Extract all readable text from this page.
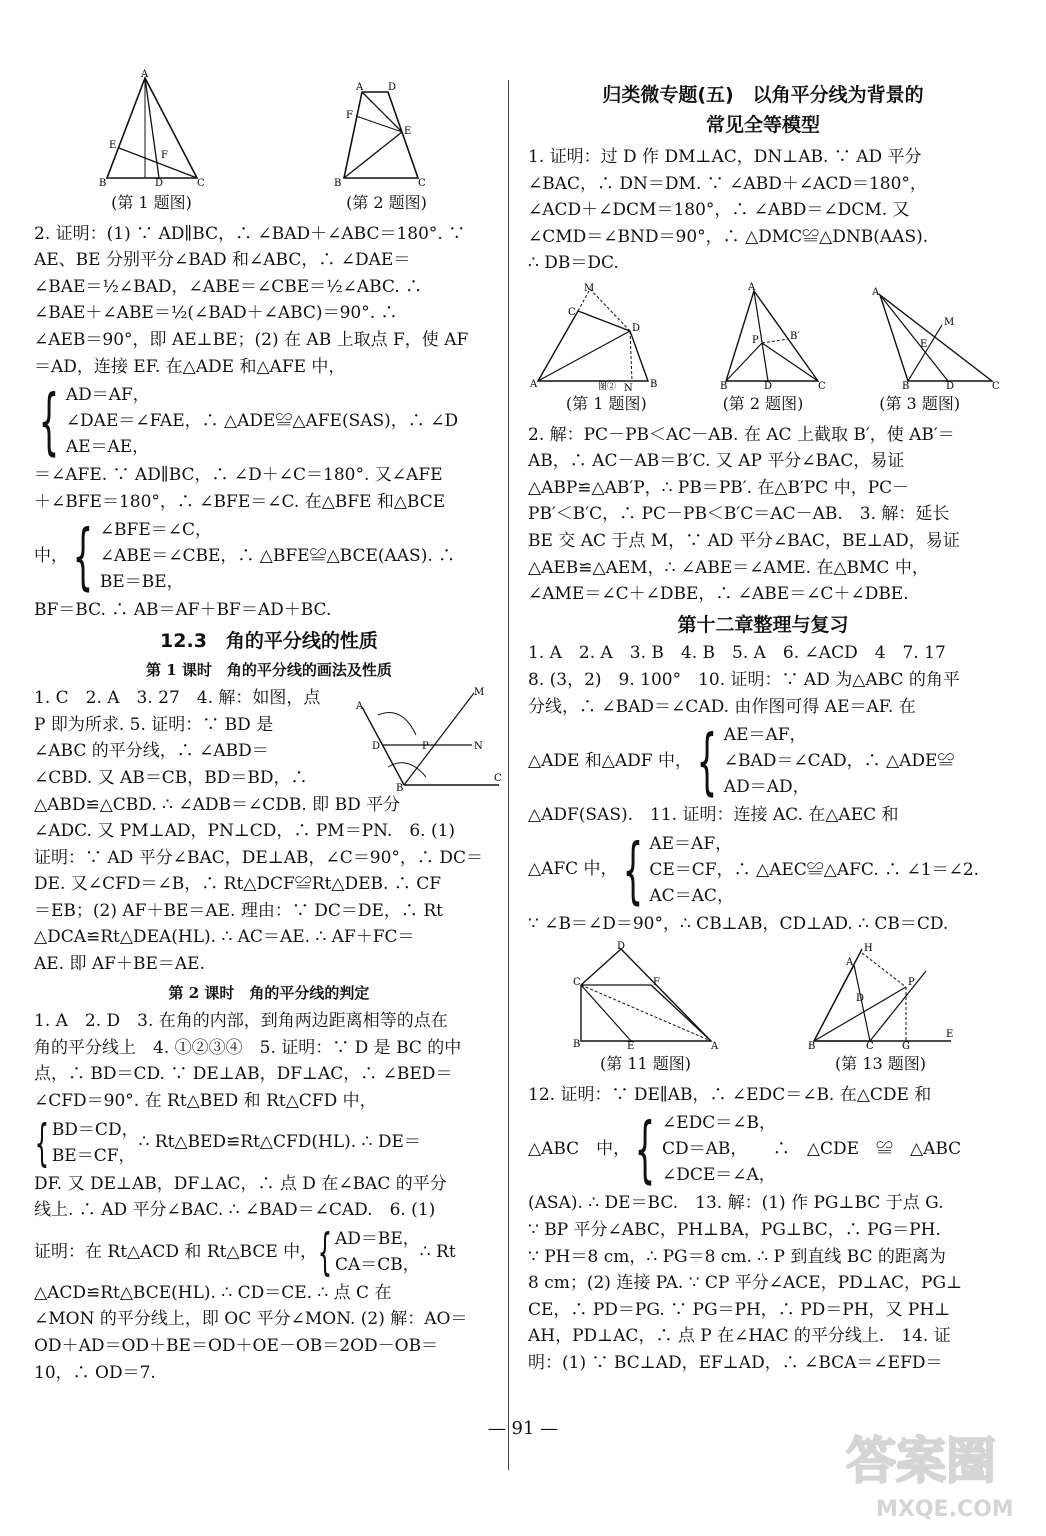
A
B	C
D
E
F
A D
B	C
E
F
(第 1 题图)	(第 2 题图)

2. 证明：(1) ∵ AD∥BC，∴ ∠BAD＋∠ABC＝180°. ∵

AE、BE 分别平分∠BAD 和∠ABC，∴ ∠DAE＝

∠BAE＝½∠BAD，∠ABE＝∠CBE＝½∠ABC. ∴

∠BAE＋∠ABE＝½(∠BAD＋∠ABC)＝90°. ∴

∠AEB＝90°，即 AE⊥BE；(2) 在 AB 上取点 F，使 AF

＝AD，连接 EF. 在△ADE 和△AFE 中，

{ AD＝AF，
∠DAE＝∠FAE，∴ △ADE≌△AFE(SAS)，∴ ∠D
AE＝AE，

＝∠AFE. ∵ AD∥BC，∴ ∠D＋∠C＝180°. 又∠AFE

＋∠BFE＝180°，∴ ∠BFE＝∠C. 在△BFE 和△BCE

中， { ∠BFE＝∠C，
∠ABE＝∠CBE，∴ △BFE≌△BCE(AAS). ∴
BE＝BE，

BF＝BC. ∴ AB＝AF＋BF＝AD＋BC.

12.3　角的平分线的性质
第 1 课时　角的平分线的画法及性质

1. C　2. A　3. 27　4. 解：如图，点

P 即为所求. 5. 证明：∵ BD 是

∠ABC 的平分线，∴ ∠ABD＝

∠CBD. 又 AB＝CB，BD＝BD，∴

A
M
D	P	N
B
C

△ABD≌△CBD. ∴ ∠ADB＝∠CDB. 即 BD 平分

∠ADC. 又 PM⊥AD，PN⊥CD，∴ PM＝PN.　6. (1)

证明：∵ AD 平分∠BAC，DE⊥AB，∠C＝90°，∴ DC＝

DE. 又∠CFD＝∠B，∴ Rt△DCF≌Rt△DEB. ∴ CF

＝EB；(2) AF＋BE＝AE. 理由：∵ DC＝DE，∴ Rt

△DCA≌Rt△DEA(HL). ∴ AC＝AE. ∴ AF＋FC＝

AE. 即 AF＋BE＝AE.

第 2 课时　角的平分线的判定

1. A　2. D　3. 在角的内部，到角两边距离相等的点在

角的平分线上　4. ①②③④　5. 证明：∵ D 是 BC 的中

点，∴ BD＝CD. ∵ DE⊥AB，DF⊥AC，∴ ∠BED＝

∠CFD＝90°. 在 Rt△BED 和 Rt△CFD 中，

{ BD＝CD，
BE＝CF，
∴ Rt△BED≌Rt△CFD(HL). ∴ DE＝

DF. 又 DE⊥AB，DF⊥AC，∴ 点 D 在∠BAC 的平分

线上. ∴ AD 平分∠BAC. ∴ ∠BAD＝∠CAD.　6. (1)

证明：在 Rt△ACD 和 Rt△BCE 中， { AD＝BE，
CA＝CB，
∴ Rt

△ACD≌Rt△BCE(HL). ∴ CD＝CE. ∴ 点 C 在

∠MON 的平分线上，即 OC 平分∠MON. (2) 解：AO＝

OD＋AD＝OD＋BE＝OD＋OE－OB＝2OD－OB＝

10，∴ OD＝7.

归类微专题(五)　以角平分线为背景的
常见全等模型

1. 证明：过 D 作 DM⊥AC，DN⊥AB. ∵ AD 平分

∠BAC，∴ DN＝DM. ∵ ∠ABD＋∠ACD＝180°，

∠ACD＋∠DCM＝180°，∴ ∠ABD＝∠DCM. 又

∠CMD＝∠BND＝90°，∴ △DMC≌△DNB(AAS).

∴ DB＝DC.

A
C
D
B
M
N
图②
A
B	C
D
P	B′
A
B	C
D
M
E
(第 1 题图)	(第 2 题图)	(第 3 题图)

2. 解：PC－PB＜AC－AB. 在 AC 上截取 B′，使 AB′＝

AB，∴ AC－AB＝B′C. 又 AP 平分∠BAC，易证

△ABP≌△AB′P，∴ PB＝PB′. 在△B′PC 中，PC－

PB′＜B′C，∴ PC－PB＜B′C＝AC－AB.　3. 解：延长

BE 交 AC 于点 M，∵ AD 平分∠BAC，BE⊥AD，易证

△AEB≌△AEM，∴ ∠ABE＝∠AME. 在△BMC 中，

∠AME＝∠C＋∠DBE，∴ ∠ABE＝∠C＋∠DBE.

第十二章整理与复习

1. A　2. A　3. B　4. B　5. A　6. ∠ACD　4　7. 17

8. (3，2)　9. 100°　10. 证明：∵ AD 为△ABC 的角平

分线，∴ ∠BAD＝∠CAD. 由作图可得 AE＝AF. 在

△ADE 和△ADF 中， { AE＝AF，
∠BAD＝∠CAD，∴ △ADE≌
AD＝AD，

△ADF(SAS).　11. 证明：连接 AC. 在△AEC 和

△AFC 中， { AE＝AF，
CE＝CF，∴ △AEC≌△AFC. ∴ ∠1＝∠2.
AC＝AC，

∵ ∠B＝∠D＝90°，∴ CB⊥AB，CD⊥AD. ∴ CB＝CD.

D
C	F
B	E	A
H
A
P
B	C	G
E
D
(第 11 题图)	(第 13 题图)

12. 证明：∵ DE∥AB，∴ ∠EDC＝∠B. 在△CDE 和

△ABC　中， { ∠EDC＝∠B，
CD＝AB，　　∴　△CDE　≌　△ABC
∠DCE＝∠A，

(ASA). ∴ DE＝BC.　13. 解：(1) 作 PG⊥BC 于点 G.

∵ BP 平分∠ABC，PH⊥BA，PG⊥BC，∴ PG＝PH.

∵ PH＝8 cm，∴ PG＝8 cm. ∴ P 到直线 BC 的距离为

8 cm；(2) 连接 PA. ∵ CP 平分∠ACE，PD⊥AC，PG⊥

CE，∴ PD＝PG. ∵ PG＝PH，∴ PD＝PH，又 PH⊥

AH，PD⊥AC，∴ 点 P 在∠HAC 的平分线上.　14. 证

明：(1) ∵ BC⊥AD，EF⊥AD，∴ ∠BCA＝∠EFD＝

— 91 —
答案圈
MXQE.COM
